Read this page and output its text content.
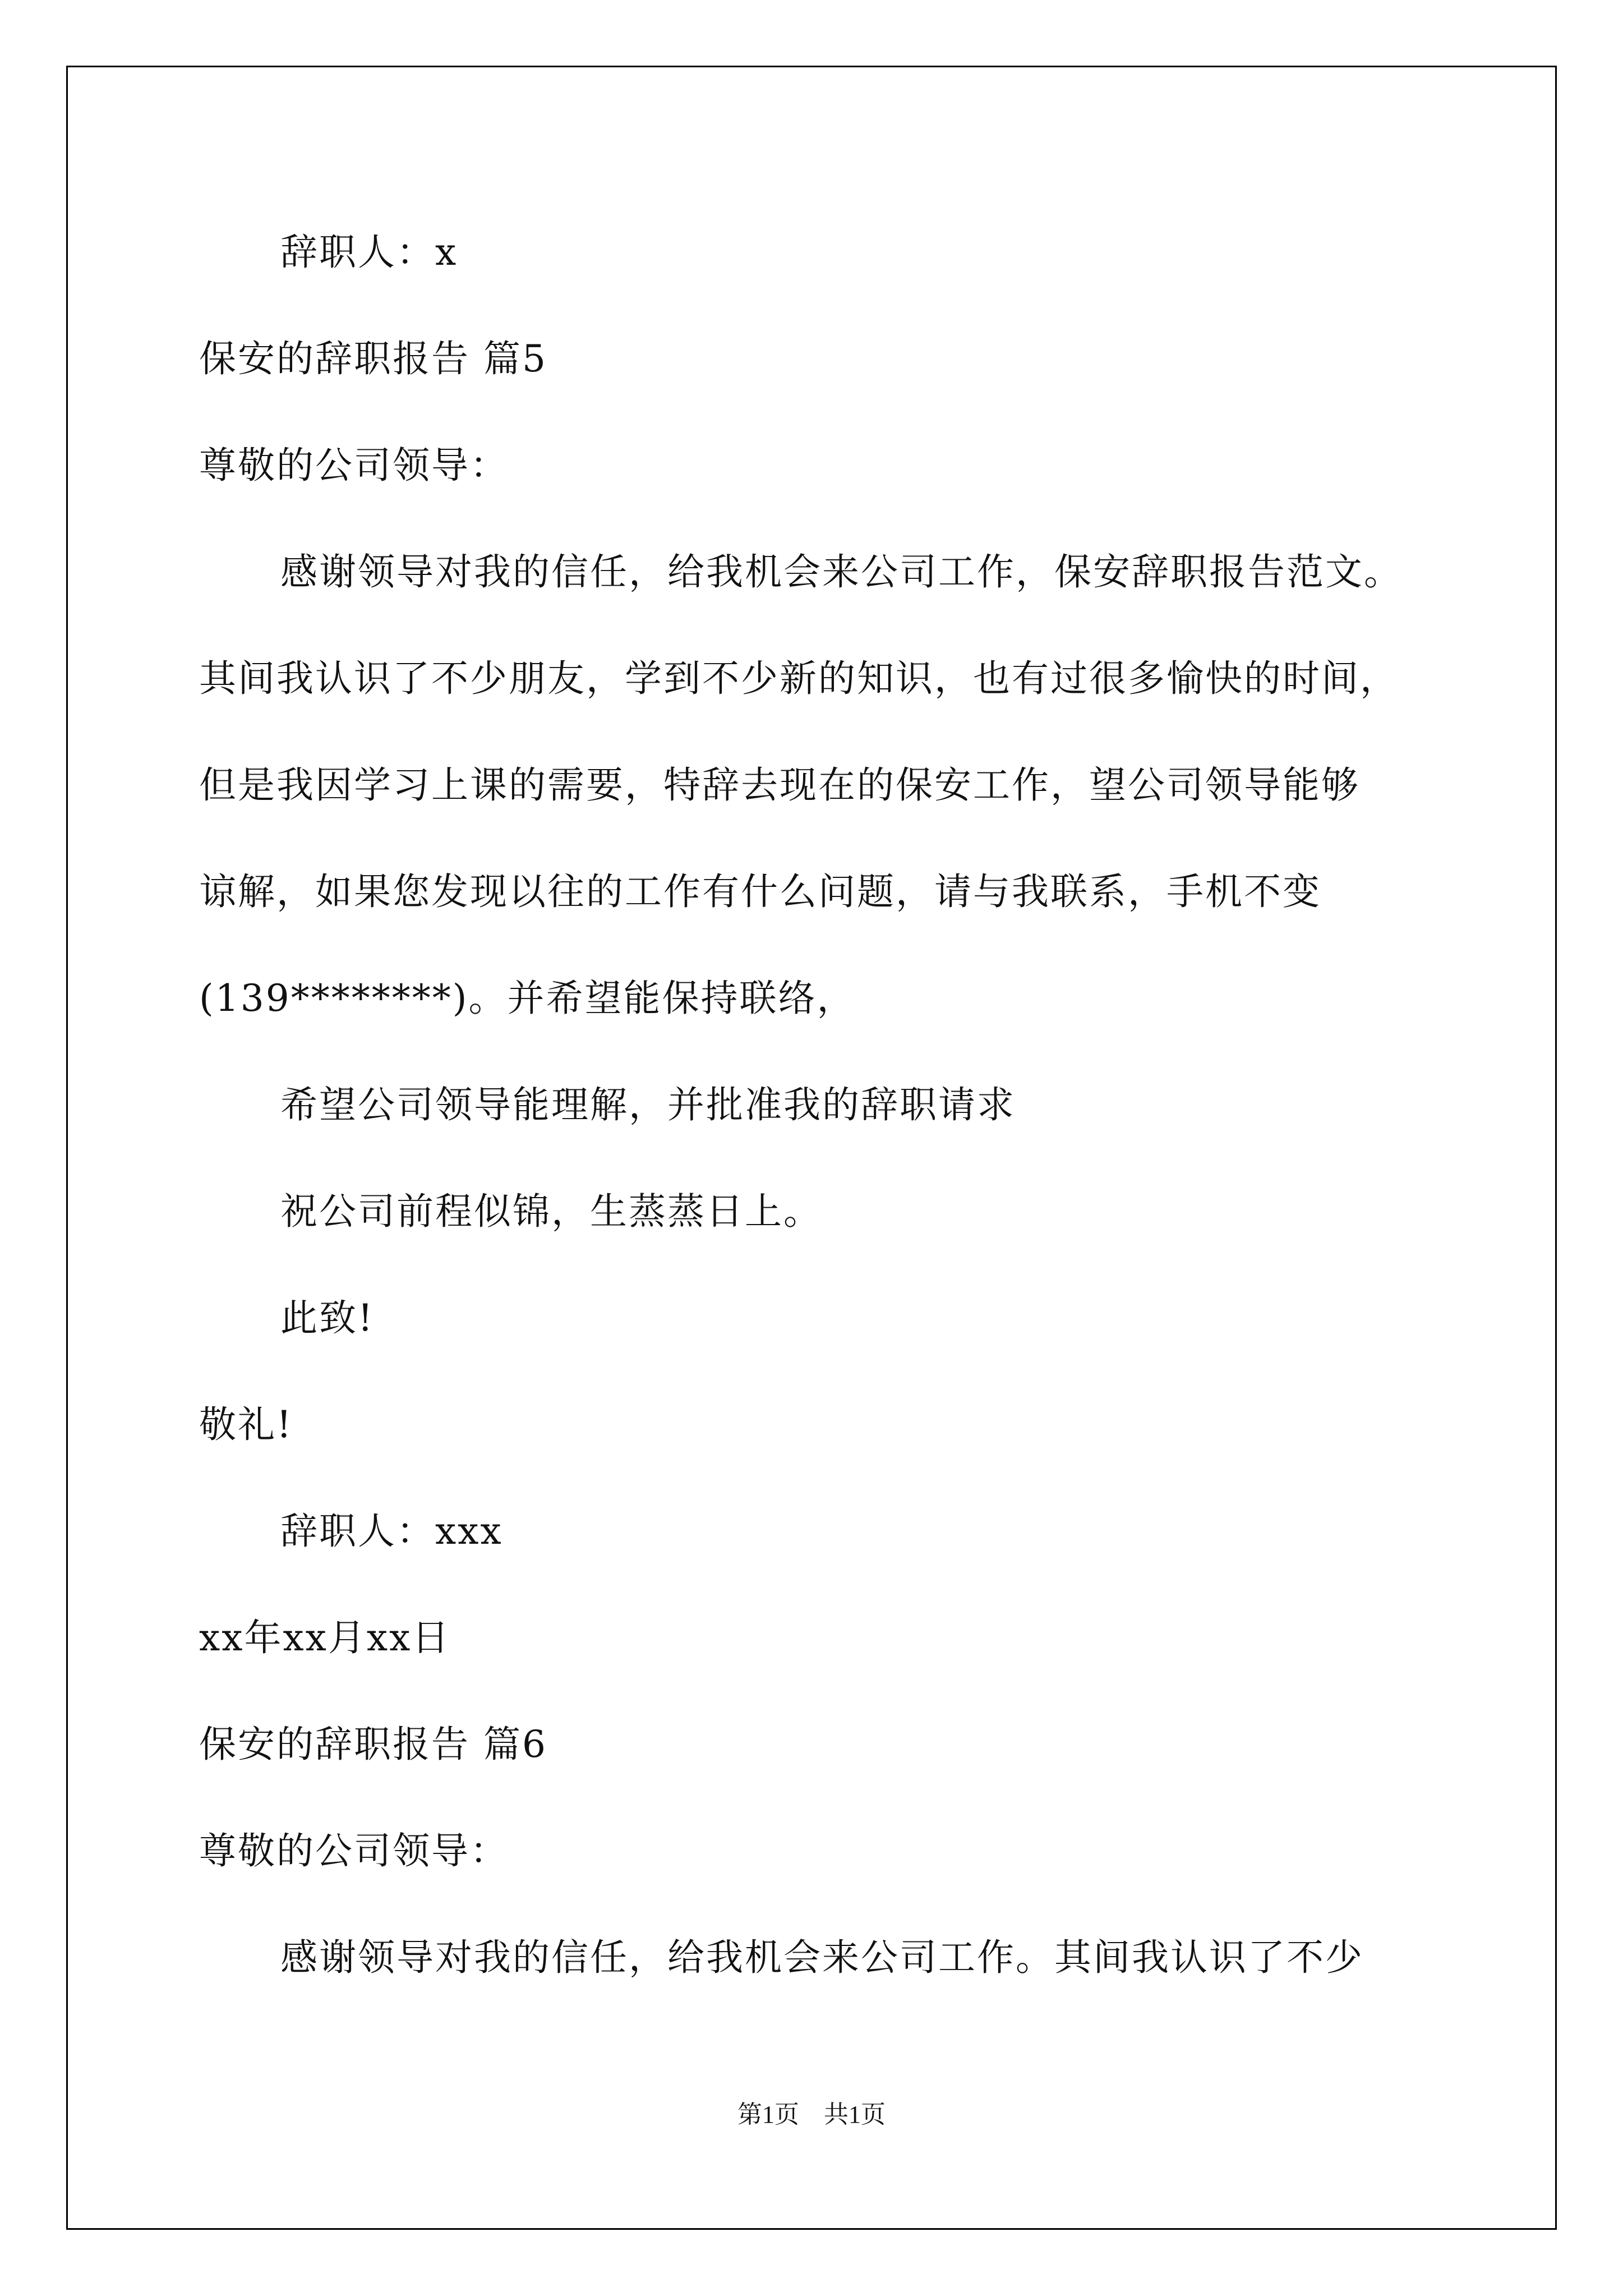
辞职人：x
保安的辞职报告 篇5
尊敬的公司领导：
感谢领导对我的信任，给我机会来公司工作，保安辞职报告范文。
其间我认识了不少朋友，学到不少新的知识，也有过很多愉快的时间，
但是我因学习上课的需要，特辞去现在的保安工作，望公司领导能够
谅解，如果您发现以往的工作有什么问题，请与我联系，手机不变
(139********)。并希望能保持联络，
希望公司领导能理解，并批准我的辞职请求
祝公司前程似锦，生蒸蒸日上。
此致!
敬礼!
辞职人：xxx
xx年xx月xx日
保安的辞职报告 篇6
尊敬的公司领导：
感谢领导对我的信任，给我机会来公司工作。其间我认识了不少
第1页　共1页
